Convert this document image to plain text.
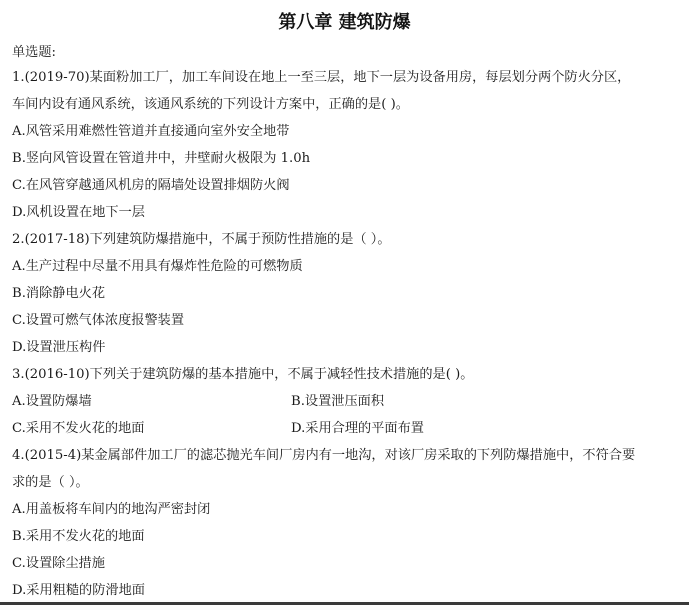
第八章 建筑防爆
单选题:
1.(2019-70)某面粉加工厂，加工车间设在地上一至三层，地下一层为设备用房，每层划分两个防火分区，
车间内设有通风系统，该通风系统的下列设计方案中，正确的是( )。
A.风管采用难燃性管道并直接通向室外安全地带
B.竖向风管设置在管道井中，井壁耐火极限为 1.0h
C.在风管穿越通风机房的隔墙处设置排烟防火阀
D.风机设置在地下一层
2.(2017-18)下列建筑防爆措施中，不属于预防性措施的是（ ）。
A.生产过程中尽量不用具有爆炸性危险的可燃物质
B.消除静电火花
C.设置可燃气体浓度报警装置
D.设置泄压构件
3.(2016-10)下列关于建筑防爆的基本措施中，不属于减轻性技术措施的是( )。
A.设置防爆墙	B.设置泄压面积
C.采用不发火花的地面	D.采用合理的平面布置
4.(2015-4)某金属部件加工厂的滤芯抛光车间厂房内有一地沟，对该厂房采取的下列防爆措施中，不符合要
求的是（ ）。
A.用盖板将车间内的地沟严密封闭
B.采用不发火花的地面
C.设置除尘措施
D.采用粗糙的防滑地面
